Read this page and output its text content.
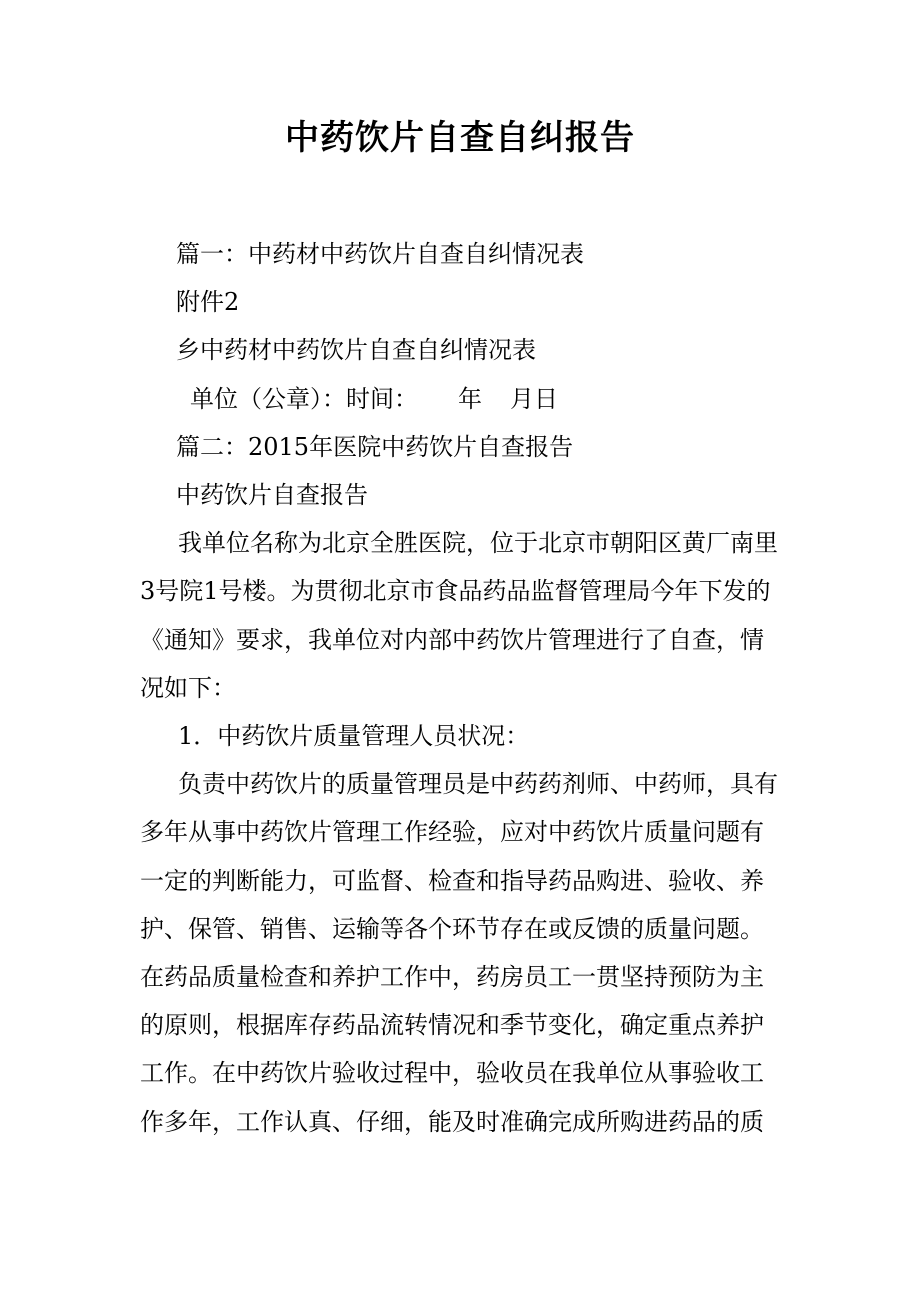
中药饮片自查自纠报告
篇一：中药材中药饮片自查自纠情况表
附件2
乡中药材中药饮片自查自纠情况表
单位（公章）：时间： 年 月日
篇二：2015年医院中药饮片自查报告
中药饮片自查报告

我单位名称为北京全胜医院，位于北京市朝阳区黄厂南里3号院1号楼。为贯彻北京市食品药品监督管理局今年下发的《通知》要求，我单位对内部中药饮片管理进行了自查，情况如下：

1．中药饮片质量管理人员状况：

负责中药饮片的质量管理员是中药药剂师、中药师，具有多年从事中药饮片管理工作经验，应对中药饮片质量问题有一定的判断能力，可监督、检查和指导药品购进、验收、养护、保管、销售、运输等各个环节存在或反馈的质量问题。在药品质量检查和养护工作中，药房员工一贯坚持预防为主的原则，根据库存药品流转情况和季节变化，确定重点养护工作。在中药饮片验收过程中，验收员在我单位从事验收工作多年，工作认真、仔细，能及时准确完成所购进药品的质
